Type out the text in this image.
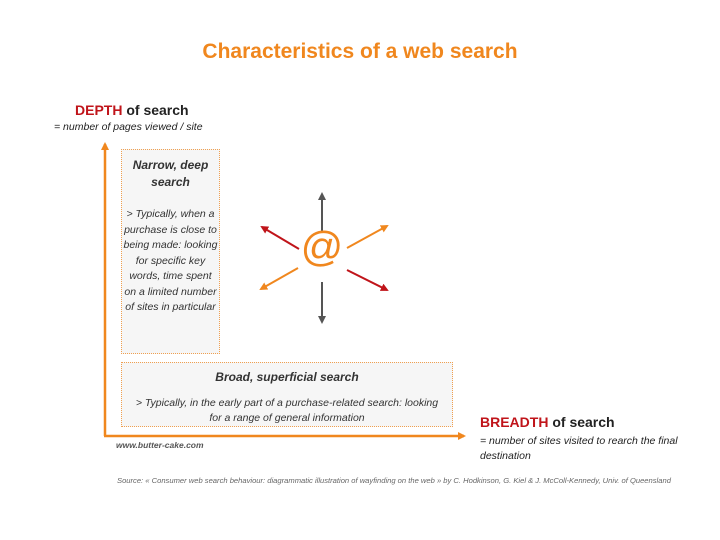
Characteristics of a web search
DEPTH of search
= number of pages viewed / site
@
Narrow, deep search
> Typically, when a purchase is close to being made: looking for specific key words, time spent on a limited number of sites in particular
Broad, superficial search
> Typically, in the early part of a purchase-related search: looking for a range of general information	BREADTH of search
= number of sites visited to rearch the final destination
www.butter-cake.com
Source: « Consumer web search behaviour: diagrammatic illustration of wayfinding on the web » by C. Hodkinson, G. Kiel & J. McColl-Kennedy, Univ. of Queensland
